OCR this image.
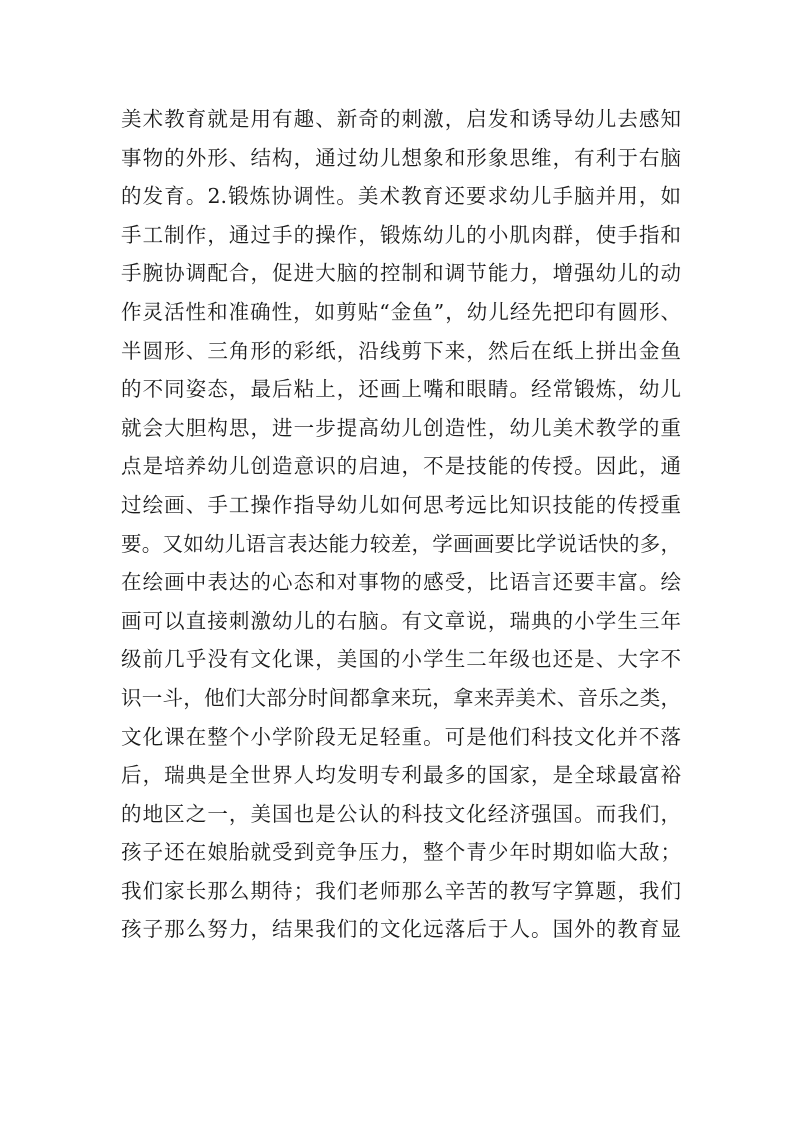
美术教育就是用有趣、新奇的刺激，启发和诱导幼儿去感知
事物的外形、结构，通过幼儿想象和形象思维，有利于右脑
的发育。2.锻炼协调性。美术教育还要求幼儿手脑并用，如
手工制作，通过手的操作，锻炼幼儿的小肌肉群，使手指和
手腕协调配合，促进大脑的控制和调节能力，增强幼儿的动
作灵活性和准确性，如剪贴“金鱼”，幼儿经先把印有圆形、
半圆形、三角形的彩纸，沿线剪下来，然后在纸上拼出金鱼
的不同姿态，最后粘上，还画上嘴和眼睛。经常锻炼，幼儿
就会大胆构思，进一步提高幼儿创造性，幼儿美术教学的重
点是培养幼儿创造意识的启迪，不是技能的传授。因此，通
过绘画、手工操作指导幼儿如何思考远比知识技能的传授重
要。又如幼儿语言表达能力较差，学画画要比学说话快的多，
在绘画中表达的心态和对事物的感受，比语言还要丰富。绘
画可以直接刺激幼儿的右脑。有文章说，瑞典的小学生三年
级前几乎没有文化课，美国的小学生二年级也还是、大字不
识一斗，他们大部分时间都拿来玩，拿来弄美术、音乐之类，
文化课在整个小学阶段无足轻重。可是他们科技文化并不落
后，瑞典是全世界人均发明专利最多的国家，是全球最富裕
的地区之一，美国也是公认的科技文化经济强国。而我们，
孩子还在娘胎就受到竞争压力，整个青少年时期如临大敌；
我们家长那么期待；我们老师那么辛苦的教写字算题，我们
孩子那么努力，结果我们的文化远落后于人。国外的教育显
